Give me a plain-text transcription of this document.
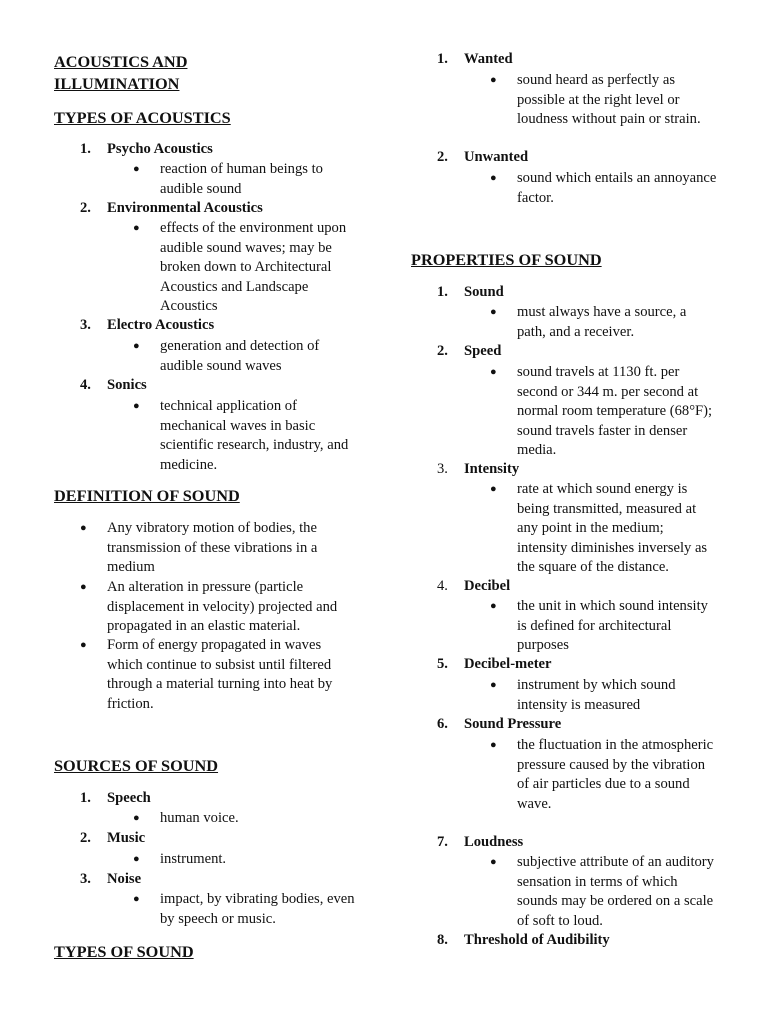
ACOUSTICS AND
ILLUMINATION
TYPES OF ACOUSTICS
1. Psycho Acoustics
● reaction of human beings to audible sound
2. Environmental Acoustics
● effects of the environment upon audible sound waves; may be broken down to Architectural Acoustics and Landscape Acoustics
3. Electro Acoustics
● generation and detection of audible sound waves
4. Sonics
● technical application of mechanical waves in basic scientific research, industry, and medicine.
DEFINITION OF SOUND
● Any vibratory motion of bodies, the transmission of these vibrations in a medium
● An alteration in pressure (particle displacement in velocity) projected and propagated in an elastic material.
● Form of energy propagated in waves which continue to subsist until filtered through a material turning into heat by friction.
SOURCES OF SOUND
1. Speech
● human voice.
2. Music
● instrument.
3. Noise
● impact, by vibrating bodies, even by speech or music.
TYPES OF SOUND
1. Wanted
● sound heard as perfectly as possible at the right level or loudness without pain or strain.
2. Unwanted
● sound which entails an annoyance factor.
PROPERTIES OF SOUND
1. Sound
● must always have a source, a path, and a receiver.
2. Speed
● sound travels at 1130 ft. per second or 344 m. per second at normal room temperature (68°F); sound travels faster in denser media.
3. Intensity
● rate at which sound energy is being transmitted, measured at any point in the medium; intensity diminishes inversely as the square of the distance.
4. Decibel
● the unit in which sound intensity is defined for architectural purposes
5. Decibel-meter
● instrument by which sound intensity is measured
6. Sound Pressure
● the fluctuation in the atmospheric pressure caused by the vibration of air particles due to a sound wave.
7. Loudness
● subjective attribute of an auditory sensation in terms of which sounds may be ordered on a scale of soft to loud.
8. Threshold of Audibility
